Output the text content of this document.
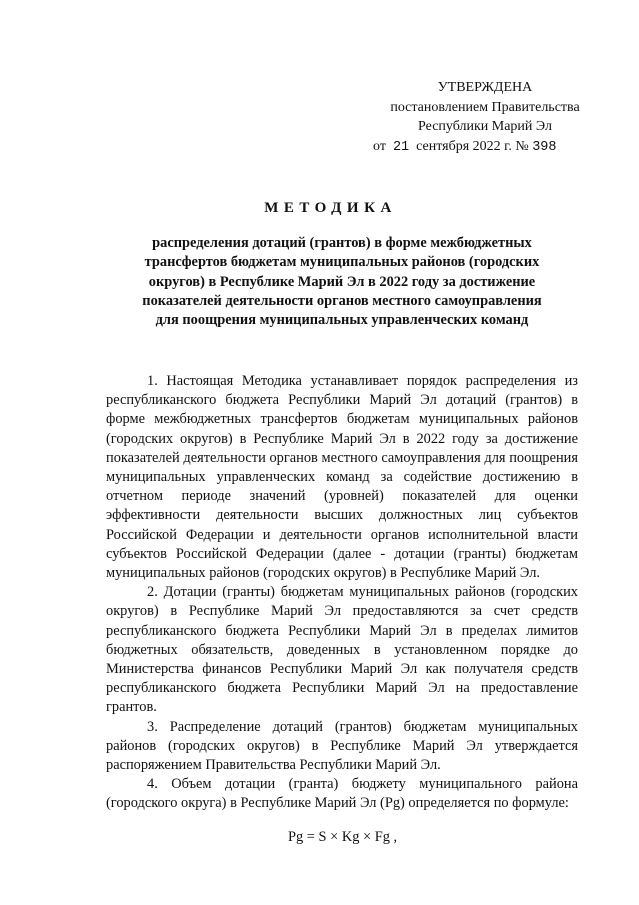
УТВЕРЖДЕНА
постановлением Правительства
Республики Марий Эл
от 21 сентября 2022 г. № 398
МЕТОДИКА
распределения дотаций (грантов) в форме межбюджетных
трансфертов бюджетам муниципальных районов (городских
округов) в Республике Марий Эл в 2022 году за достижение
показателей деятельности органов местного самоуправления
для поощрения муниципальных управленческих команд

1. Настоящая Методика устанавливает порядок распределения из республиканского бюджета Республики Марий Эл дотаций (грантов) в форме межбюджетных трансфертов бюджетам муниципальных районов (городских округов) в Республике Марий Эл в 2022 году за достижение показателей деятельности органов местного самоуправления для поощрения муниципальных управленческих команд за содействие достижению в отчетном периоде значений (уровней) показателей для оценки эффективности деятельности высших должностных лиц субъектов Российской Федерации и деятельности органов исполнительной власти субъектов Российской Федерации (далее - дотации (гранты) бюджетам муниципальных районов (городских округов) в Республике Марий Эл.

2. Дотации (гранты) бюджетам муниципальных районов (городских округов) в Республике Марий Эл предоставляются за счет средств республиканского бюджета Республики Марий Эл в пределах лимитов бюджетных обязательств, доведенных в установленном порядке до Министерства финансов Республики Марий Эл как получателя средств республиканского бюджета Республики Марий Эл на предоставление грантов.

3. Распределение дотаций (грантов) бюджетам муниципальных районов (городских округов) в Республике Марий Эл утверждается распоряжением Правительства Республики Марий Эл.

4. Объем дотации (гранта) бюджету муниципального района (городского округа) в Республике Марий Эл (Pg) определяется по формуле:

Pg = S × Kg × Fg ,
